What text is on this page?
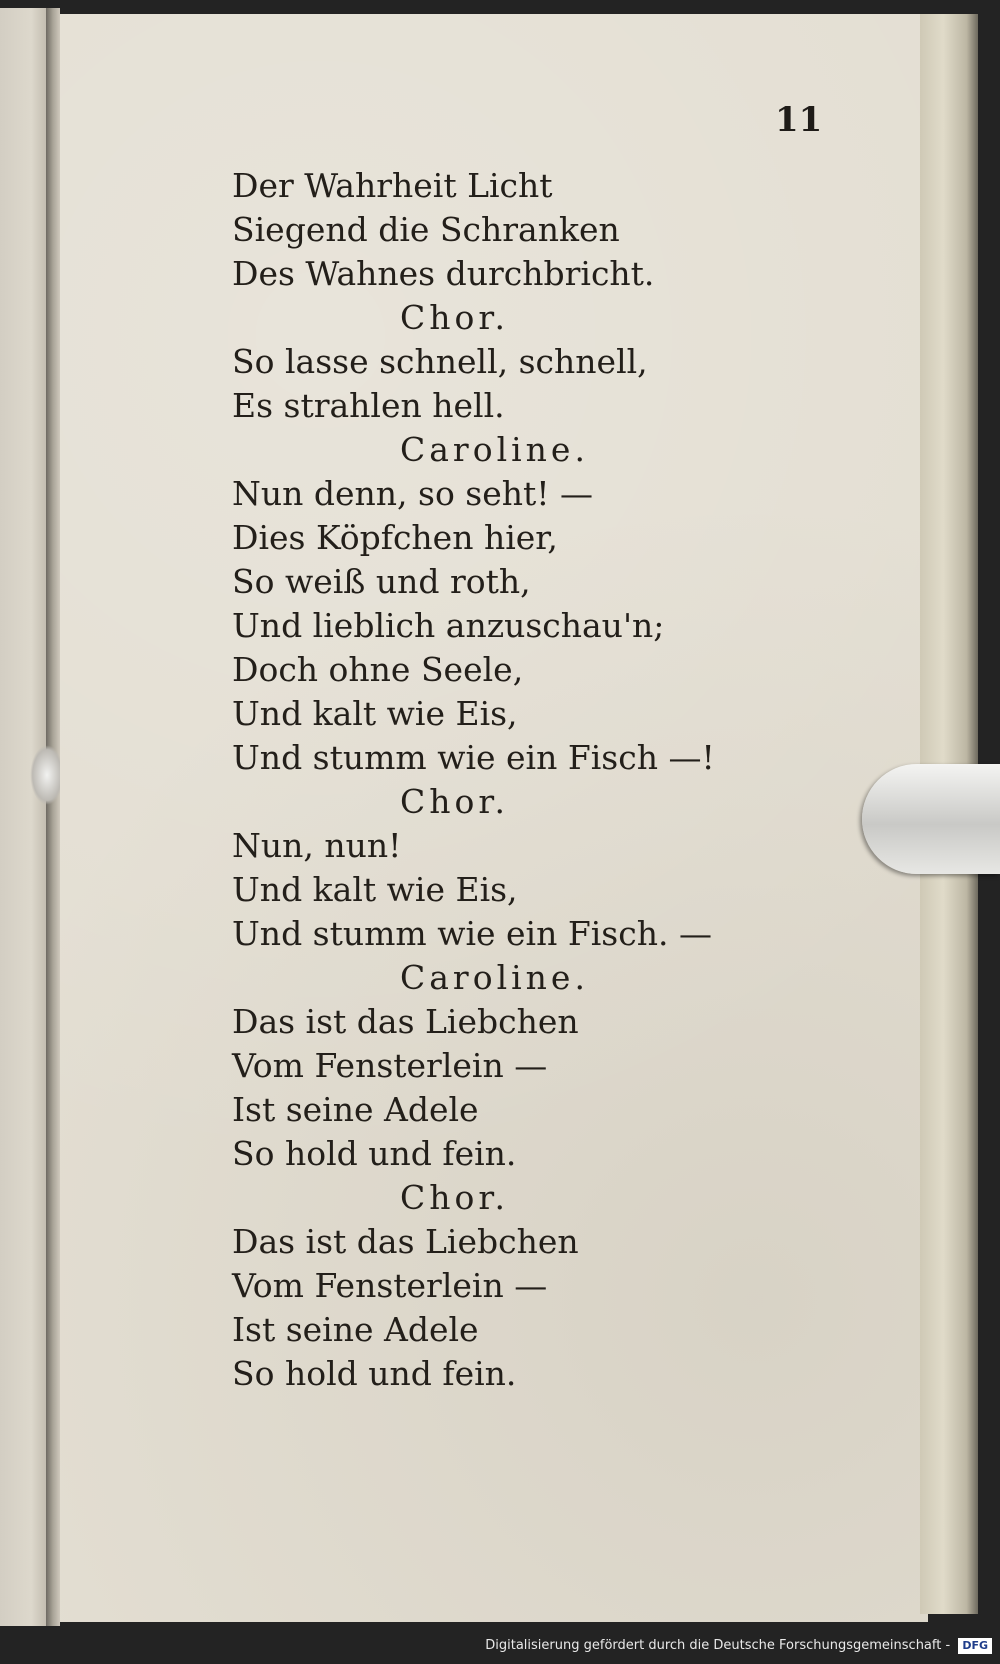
11
Der Wahrheit Licht
Siegend die Schranken
Des Wahnes durchbricht.
Chor.
So lasse schnell, schnell,
Es strahlen hell.
Caroline.
Nun denn, so seht! —
Dies Köpfchen hier,
So weiß und roth,
Und lieblich anzuschau'n;
Doch ohne Seele,
Und kalt wie Eis,
Und stumm wie ein Fisch —!
Chor.
Nun, nun!
Und kalt wie Eis,
Und stumm wie ein Fisch. —
Caroline.
Das ist das Liebchen
Vom Fensterlein —
Ist seine Adele
So hold und fein.
Chor.
Das ist das Liebchen
Vom Fensterlein —
Ist seine Adele
So hold und fein.
Digitalisierung gefördert durch die Deutsche Forschungsgemeinschaft - DFG
